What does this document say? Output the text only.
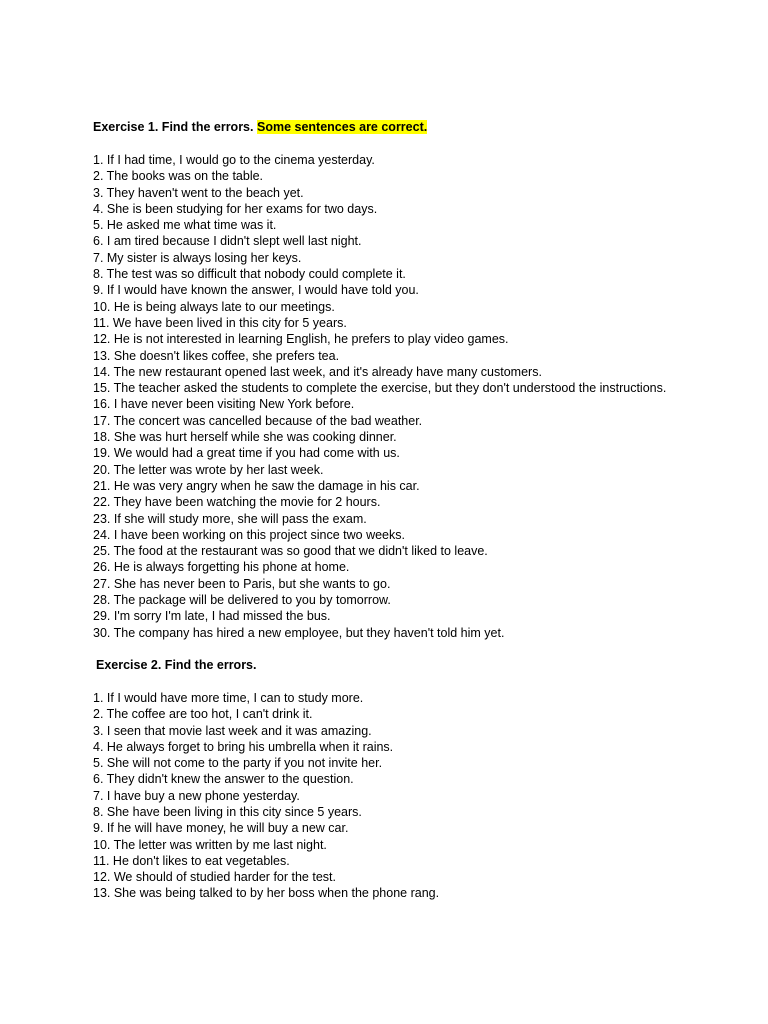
Exercise 1. Find the errors. Some sentences are correct.
1. If I had time, I would go to the cinema yesterday.
2. The books was on the table.
3. They haven't went to the beach yet.
4. She is been studying for her exams for two days.
5. He asked me what time was it.
6. I am tired because I didn't slept well last night.
7. My sister is always losing her keys.
8. The test was so difficult that nobody could complete it.
9. If I would have known the answer, I would have told you.
10. He is being always late to our meetings.
11. We have been lived in this city for 5 years.
12. He is not interested in learning English, he prefers to play video games.
13. She doesn't likes coffee, she prefers tea.
14. The new restaurant opened last week, and it's already have many customers.
15. The teacher asked the students to complete the exercise, but they don't understood the instructions.
16. I have never been visiting New York before.
17. The concert was cancelled because of the bad weather.
18. She was hurt herself while she was cooking dinner.
19. We would had a great time if you had come with us.
20. The letter was wrote by her last week.
21. He was very angry when he saw the damage in his car.
22. They have been watching the movie for 2 hours.
23. If she will study more, she will pass the exam.
24. I have been working on this project since two weeks.
25. The food at the restaurant was so good that we didn't liked to leave.
26. He is always forgetting his phone at home.
27. She has never been to Paris, but she wants to go.
28. The package will be delivered to you by tomorrow.
29. I'm sorry I'm late, I had missed the bus.
30. The company has hired a new employee, but they haven't told him yet.
Exercise 2. Find the errors.
1. If I would have more time, I can to study more.
2. The coffee are too hot, I can't drink it.
3. I seen that movie last week and it was amazing.
4. He always forget to bring his umbrella when it rains.
5. She will not come to the party if you not invite her.
6. They didn't knew the answer to the question.
7. I have buy a new phone yesterday.
8. She have been living in this city since 5 years.
9. If he will have money, he will buy a new car.
10. The letter was written by me last night.
11. He don't likes to eat vegetables.
12. We should of studied harder for the test.
13. She was being talked to by her boss when the phone rang.
